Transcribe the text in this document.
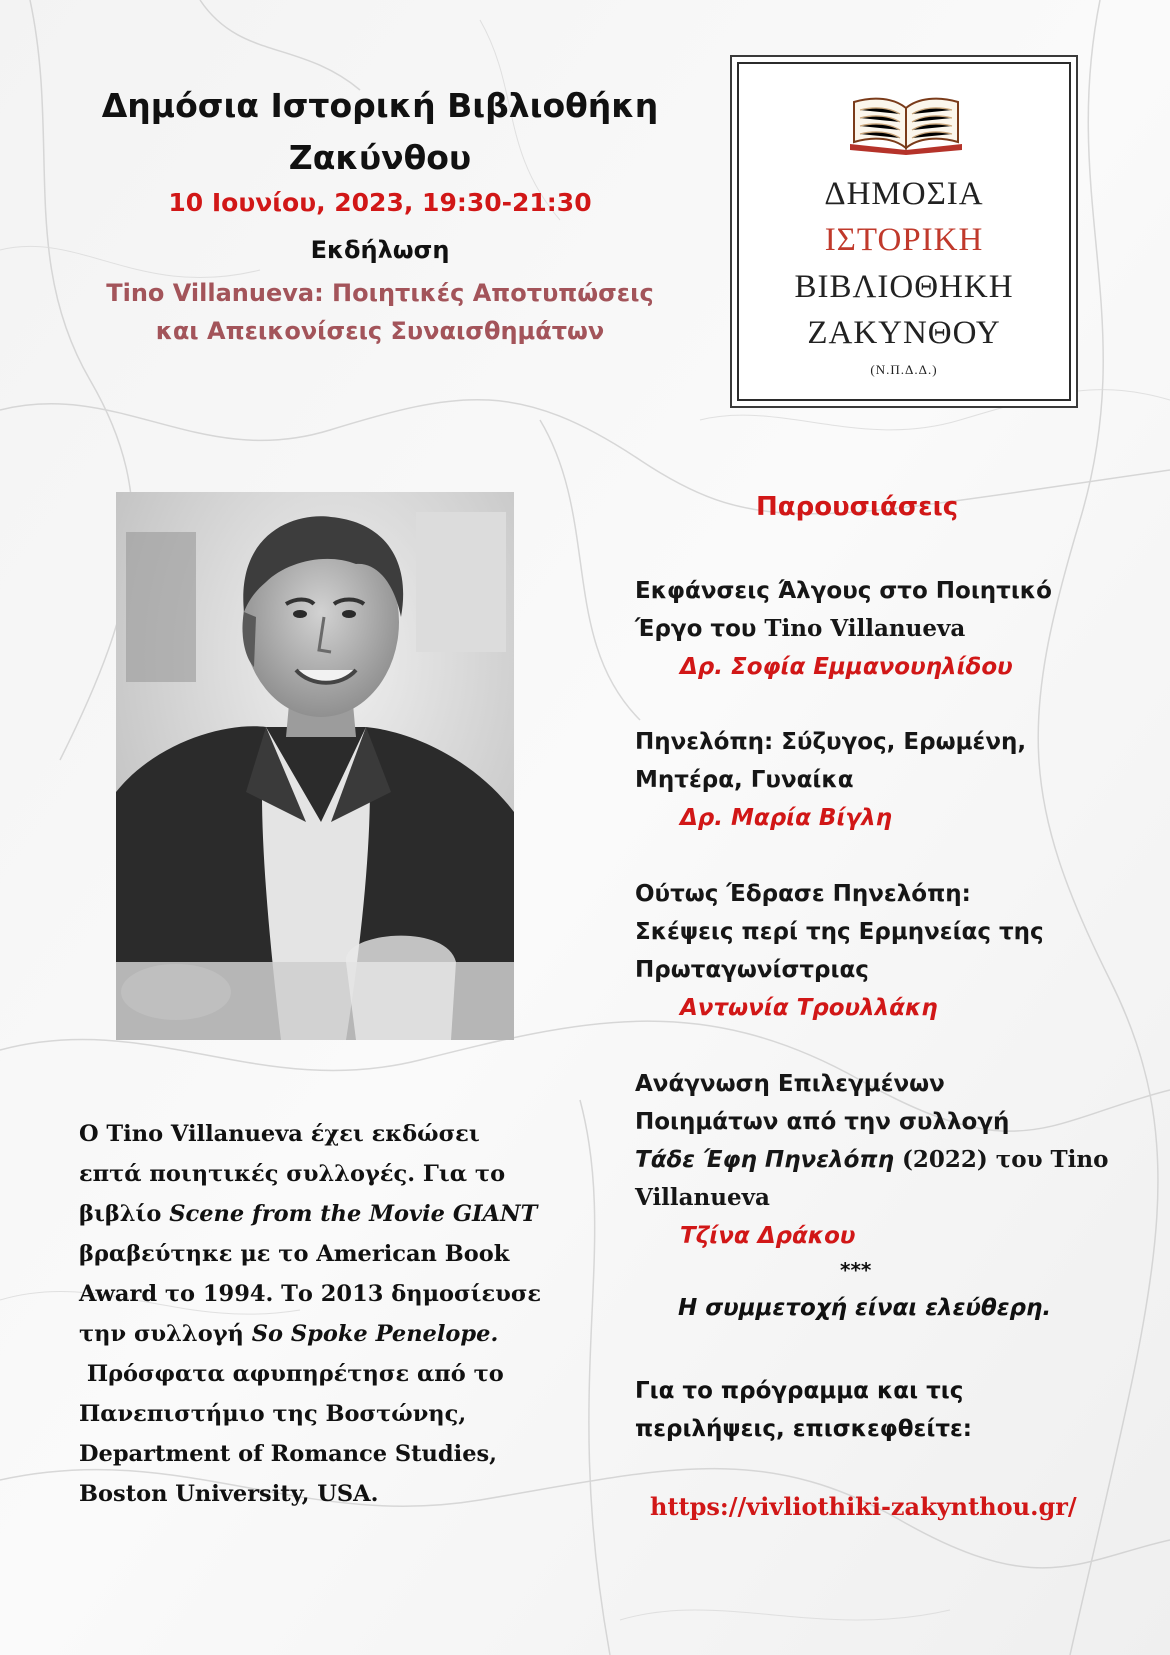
Δημόσια Ιστορική Βιβλιοθήκη
Ζακύνθου
10 Ιουνίου, 2023, 19:30-21:30
Εκδήλωση
Tino Villanueva: Ποιητικές Αποτυπώσεις
και Απεικονίσεις Συναισθημάτων
ΔΗΜΟΣΙΑ
ΙΣΤΟΡΙΚΗ
ΒΙΒΛΙΟΘΗΚΗ
ΖΑΚΥΝΘΟΥ
(Ν.Π.Δ.Δ.)
Ο Tino Villanueva έχει εκδώσει
επτά ποιητικές συλλογές. Για το
βιβλίο Scene from the Movie GIANT
βραβεύτηκε με το American Book
Award το 1994. Το 2013 δημοσίευσε
την συλλογή So Spoke Penelope.
Πρόσφατα αφυπηρέτησε από το
Πανεπιστήμιο της Βοστώνης,
Department of Romance Studies,
Boston University, USA.
Παρουσιάσεις
Εκφάνσεις Άλγους στο Ποιητικό
Έργο του Tino Villanueva
Δρ. Σοφία Εμμανουηλίδου
Πηνελόπη: Σύζυγος, Ερωμένη,
Μητέρα, Γυναίκα
Δρ. Μαρία Βίγλη
Ούτως Έδρασε Πηνελόπη:
Σκέψεις περί της Ερμηνείας της
Πρωταγωνίστριας
Αντωνία Τρουλλάκη
Ανάγνωση Επιλεγμένων
Ποιημάτων από την συλλογή
Τάδε Έφη Πηνελόπη (2022) του Tino
Villanueva
Τζίνα Δράκου
***
Η συμμετοχή είναι ελεύθερη.
Για το πρόγραμμα και τις
περιλήψεις, επισκεφθείτε:
https://vivliothiki-zakynthou.gr/
